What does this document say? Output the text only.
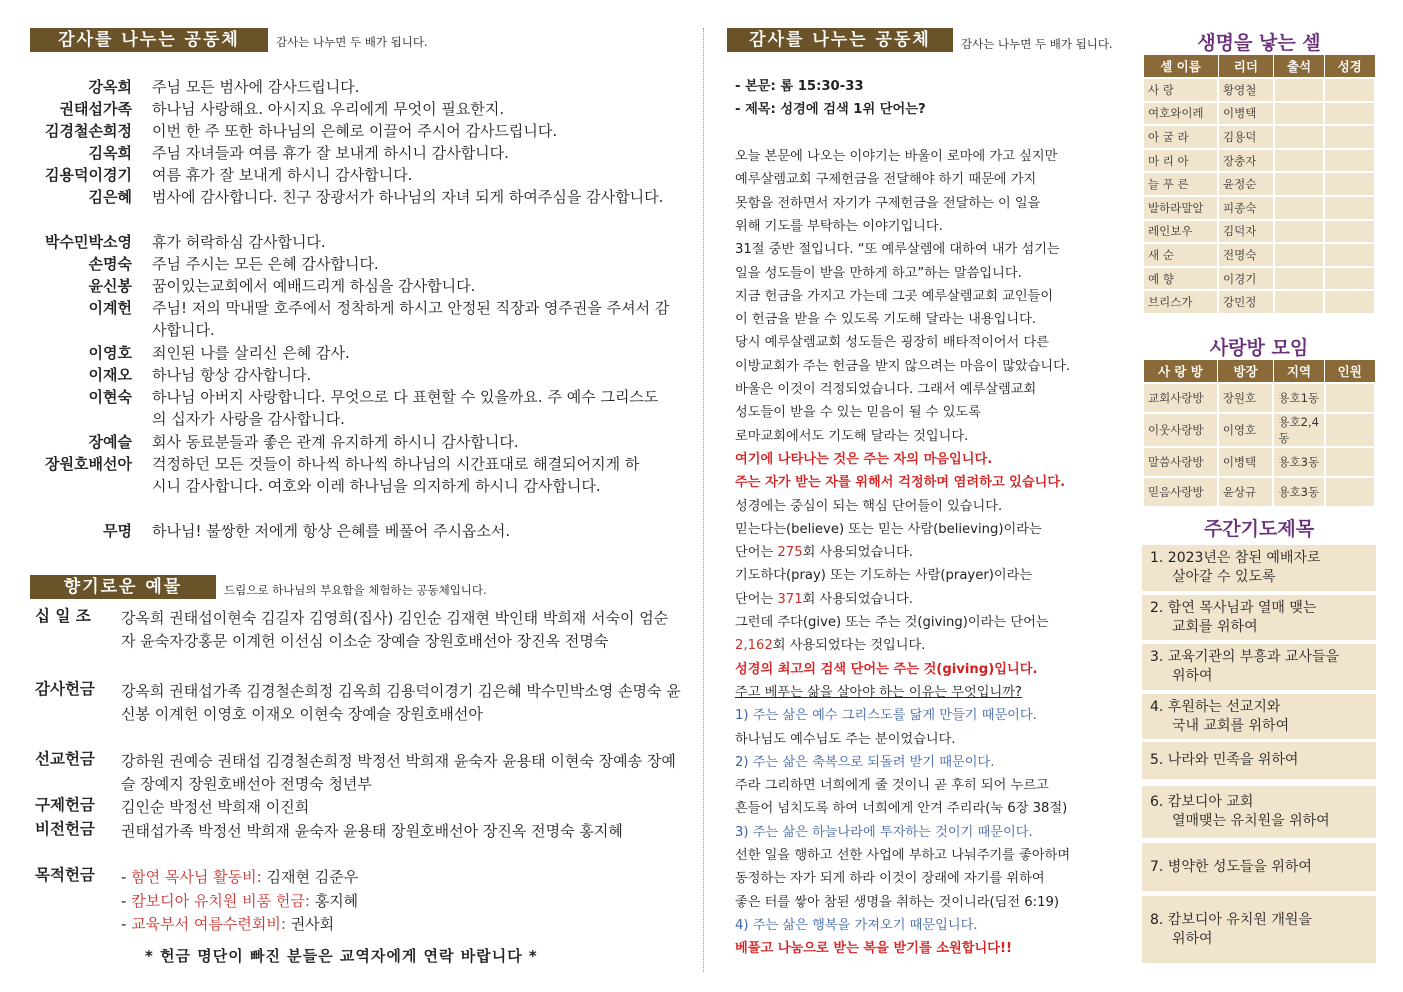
감사를 나누는 공동체	감사는 나누면 두 배가 됩니다.
강옥희 주님 모든 범사에 감사드립니다.
권태섭가족 하나님 사랑해요. 아시지요 우리에게 무엇이 필요한지.
김경철손희정 이번 한 주 또한 하나님의 은혜로 이끌어 주시어 감사드립니다.
김옥희 주님 자녀들과 여름 휴가 잘 보내게 하시니 감사합니다.
김용덕이경기 여름 휴가 잘 보내게 하시니 감사합니다.
김은혜 범사에 감사합니다. 친구 장광서가 하나님의 자녀 되게 하여주심을 감사합니다.
박수민박소영 휴가 허락하심 감사합니다.
손명숙 주님 주시는 모든 은혜 감사합니다.
윤신봉 꿈이있는교회에서 예배드리게 하심을 감사합니다.
이계헌 주님! 저의 막내딸 호주에서 정착하게 하시고 안정된 직장과 영주권을 주셔서 감사합니다.
이영호 죄인된 나를 살리신 은혜 감사.
이재오 하나님 항상 감사합니다.
이현숙 하나님 아버지 사랑합니다. 무엇으로 다 표현할 수 있을까요. 주 예수 그리스도의 십자가 사랑을 감사합니다.
장예슬 회사 동료분들과 좋은 관계 유지하게 하시니 감사합니다.
장원호배선아 걱정하던 모든 것들이 하나씩 하나씩 하나님의 시간표대로 해결되어지게 하시니 감사합니다. 여호와 이레 하나님을 의지하게 하시니 감사합니다.
무명 하나님! 불쌍한 저에게 항상 은혜를 베풀어 주시옵소서.
향기로운 예물	드림으로 하나님의 부요함을 체험하는 공동체입니다.
십 일 조	강옥희 권태섭이현숙 김길자 김영희(집사) 김인순 김재현 박인태 박희재 서숙이 엄순자 윤숙자강홍문 이계헌 이선심 이소순 장예슬 장원호배선아 장진옥 전명숙
감사헌금	강옥희 권태섭가족 김경철손희정 김옥희 김용덕이경기 김은혜 박수민박소영 손명숙 윤신봉 이계헌 이영호 이재오 이현숙 장예슬 장원호배선아
선교헌금	강하원 권예승 권태섭 김경철손희정 박정선 박희재 윤숙자 윤용태 이현숙 장예송 장예슬 장예지 장원호배선아 전명숙 청년부
구제헌금	김인순 박정선 박희재 이진희
비전헌금	권태섭가족 박정선 박희재 윤숙자 윤용태 장원호배선아 장진옥 전명숙 홍지혜
목적헌금	- 함연 목사님 활동비: 김재현 김준우
- 캄보디아 유치원 비품 헌금: 홍지혜
- 교육부서 여름수련회비: 권사회
* 헌금 명단이 빠진 분들은 교역자에게 연락 바랍니다 *
감사를 나누는 공동체	감사는 나누면 두 배가 됩니다.
- 본문: 롬 15:30-33
- 제목: 성경에 검색 1위 단어는?
오늘 본문에 나오는 이야기는 바울이 로마에 가고 싶지만
예루살렘교회 구제헌금을 전달해야 하기 때문에 가지
못함을 전하면서 자기가 구제헌금을 전달하는 이 일을
위해 기도를 부탁하는 이야기입니다.
31절 중반 절입니다. “또 예루살렘에 대하여 내가 섬기는
일을 성도들이 받을 만하게 하고”하는 말씀입니다.
지금 헌금을 가지고 가는데 그곳 예루살렘교회 교인들이
이 헌금을 받을 수 있도록 기도해 달라는 내용입니다.
당시 예루살렘교회 성도들은 굉장히 배타적이어서 다른
이방교회가 주는 헌금을 받지 않으려는 마음이 많았습니다.
바울은 이것이 걱정되었습니다. 그래서 예루살렘교회
성도들이 받을 수 있는 믿음이 될 수 있도록
로마교회에서도 기도해 달라는 것입니다.
여기에 나타나는 것은 주는 자의 마음입니다.
주는 자가 받는 자를 위해서 걱정하며 염려하고 있습니다.
성경에는 중심이 되는 핵심 단어들이 있습니다.
믿는다는(believe) 또는 믿는 사람(believing)이라는
단어는 275회 사용되었습니다.
기도하다(pray) 또는 기도하는 사람(prayer)이라는
단어는 371회 사용되었습니다.
그런데 주다(give) 또는 주는 것(giving)이라는 단어는
2,162회 사용되었다는 것입니다.
성경의 최고의 검색 단어는 주는 것(giving)입니다.
주고 베푸는 삶을 살아야 하는 이유는 무엇입니까?
1) 주는 삶은 예수 그리스도를 닮게 만들기 때문이다.
하나님도 예수님도 주는 분이었습니다.
2) 주는 삶은 축복으로 되돌려 받기 때문이다.
주라 그리하면 너희에게 줄 것이니 곧 후히 되어 누르고
흔들어 넘치도록 하여 너희에게 안겨 주리라(눅 6장 38절)
3) 주는 삶은 하늘나라에 투자하는 것이기 때문이다.
선한 일을 행하고 선한 사업에 부하고 나눠주기를 좋아하며
동정하는 자가 되게 하라 이것이 장래에 자기를 위하여
좋은 터를 쌓아 참된 생명을 취하는 것이니라(딤전 6:19)
4) 주는 삶은 행복을 가져오기 때문입니다.
베풀고 나눔으로 받는 복을 받기를 소원합니다!!
생명을 낳는 셀
셀 이름	리더	출석	성경
사 랑	황영철		
여호와이레	이병택		
아 굴 라	김용덕		
마 리 아	장충자		
늘 푸 른	윤정순		
발하라말알	피종숙		
레인보우	김덕자		
새 순	전명숙		
예 향	이경기		
브리스가	강민정		
사랑방 모임
사 랑 방	방장	지역	인원
교회사랑방	장원호	용호1동	
이웃사랑방	이영호	용호2,4동	
말씀사랑방	이병택	용호3동	
믿음사랑방	윤상규	용호3동	
주간기도제목
1. 2023년은 참된 예배자로
살아갈 수 있도록
2. 함연 목사님과 열매 맺는
교회를 위하여
3. 교육기관의 부흥과 교사들을
위하여
4. 후원하는 선교지와
국내 교회를 위하여
5. 나라와 민족을 위하여
6. 캄보디아 교회
열매맺는 유치원을 위하여
7. 병약한 성도들을 위하여
8. 캄보디아 유치원 개원을
위하여
